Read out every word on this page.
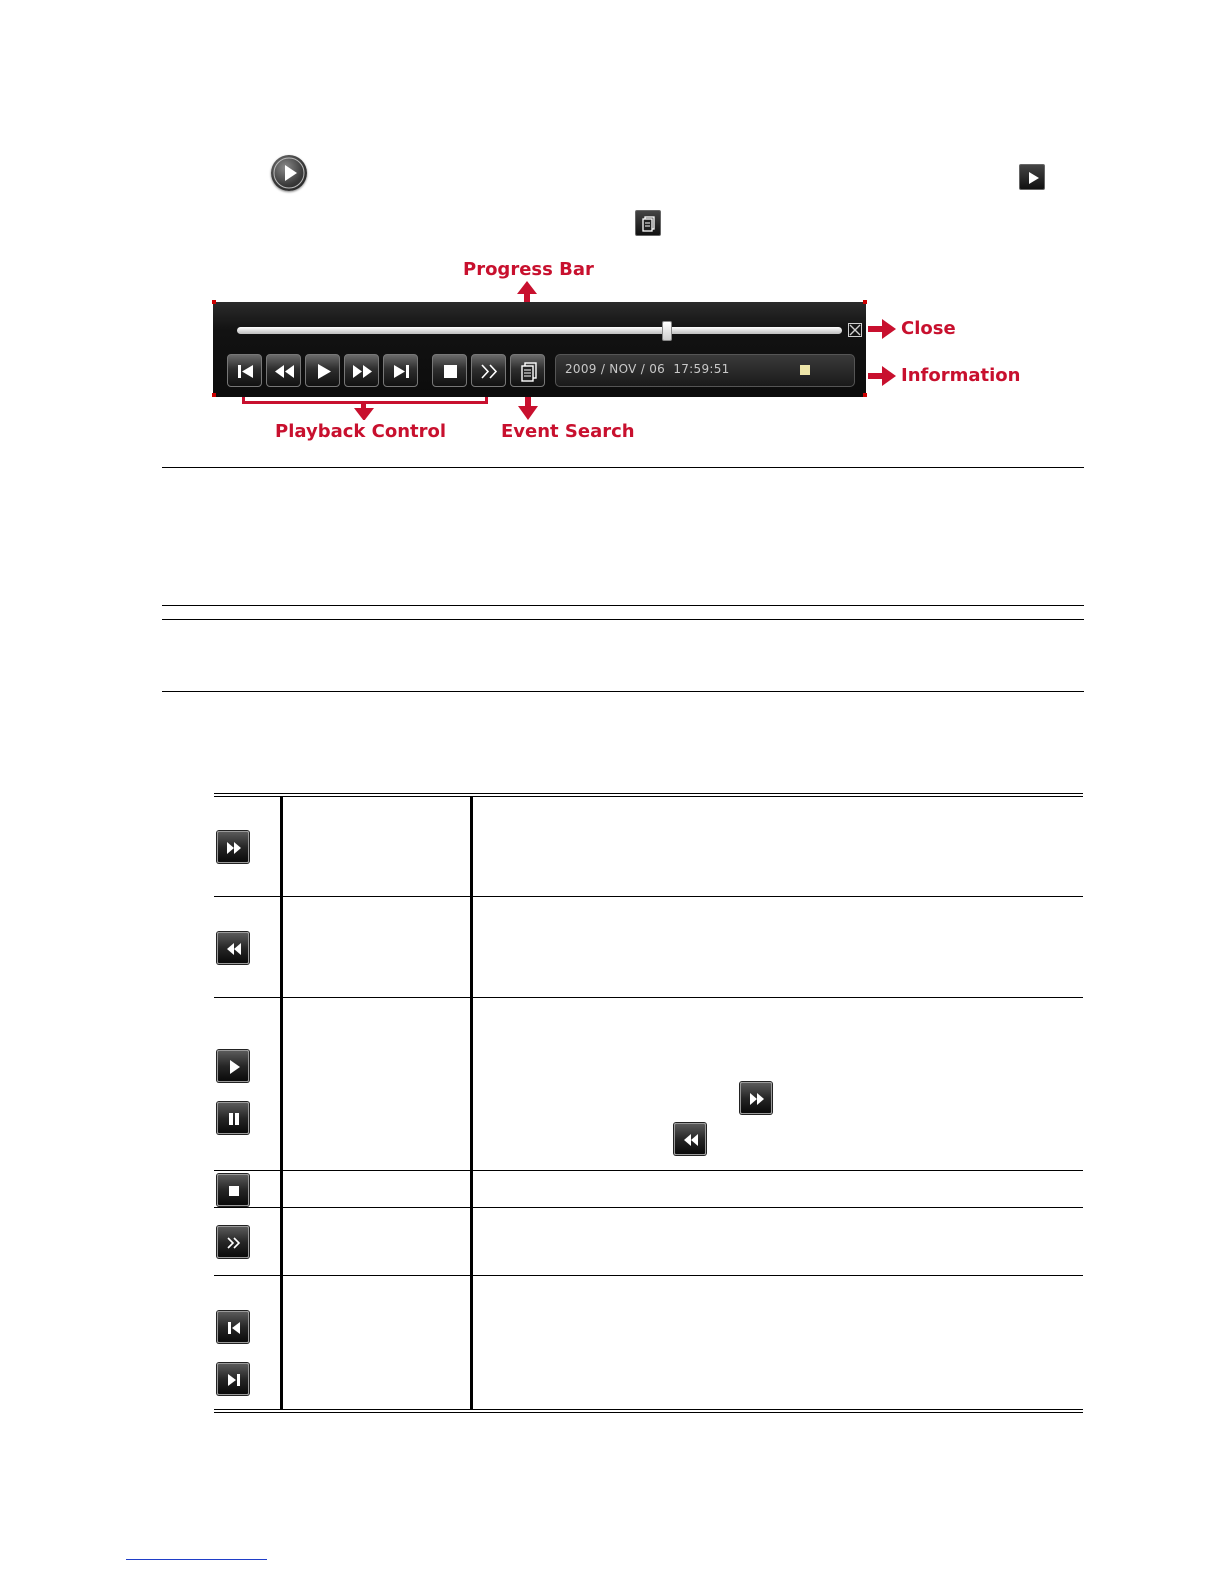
Progress Bar
Close
Information
Playback Control	Event Search
2009 / NOV / 06 17:59:51
